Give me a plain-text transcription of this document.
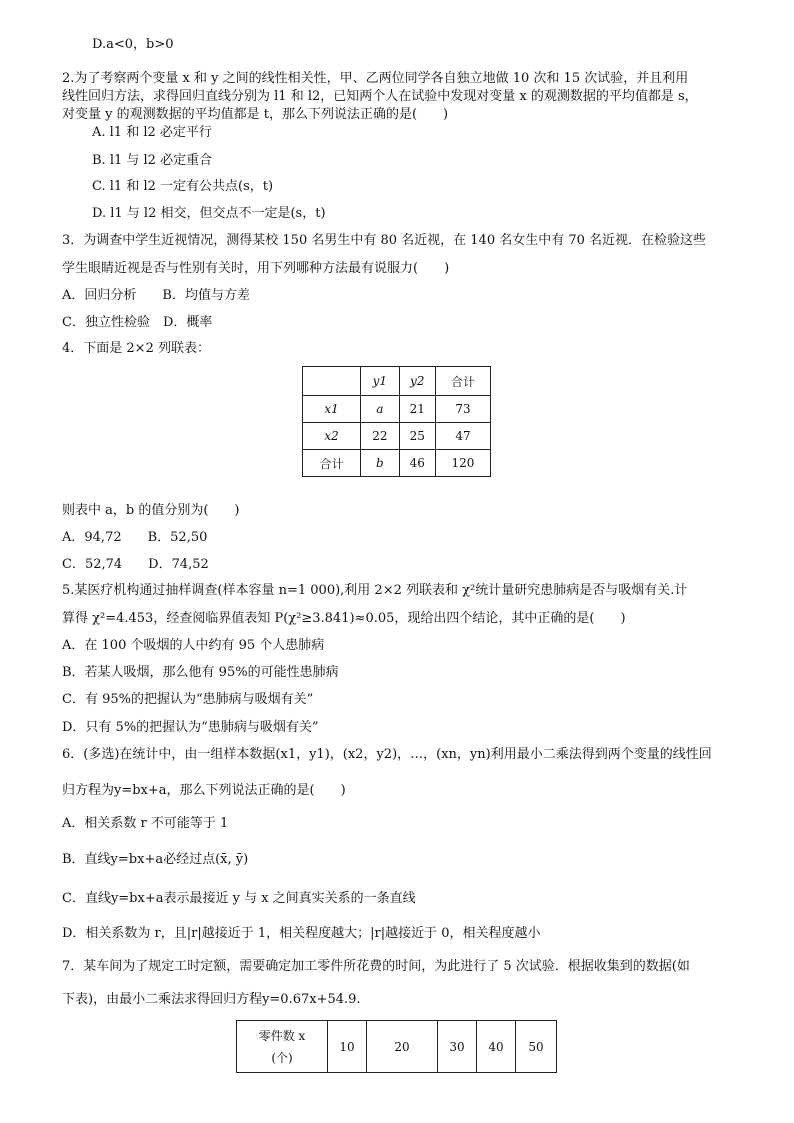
D.a<0，b>0
2.为了考察两个变量 x 和 y 之间的线性相关性，甲、乙两位同学各自独立地做 10 次和 15 次试验，并且利用
线性回归方法，求得回归直线分别为 l1 和 l2，已知两个人在试验中发现对变量 x 的观测数据的平均值都是 s，
对变量 y 的观测数据的平均值都是 t，那么下列说法正确的是(　　)
A. l1 和 l2 必定平行
B. l1 与 l2 必定重合
C. l1 和 l2 一定有公共点(s，t)
D. l1 与 l2 相交，但交点不一定是(s，t)
3．为调查中学生近视情况，测得某校 150 名男生中有 80 名近视，在 140 名女生中有 70 名近视．在检验这些
学生眼睛近视是否与性别有关时，用下列哪种方法最有说服力(　　)
A．回归分析　　B．均值与方差
C．独立性检验　D．概率
4．下面是 2×2 列联表：
	y1	y2	合计
x1	a	21	73
x2	22	25	47
合计	b	46	120
则表中 a，b 的值分别为(　　)
A．94,72　　B．52,50
C．52,74　　D．74,52
5.某医疗机构通过抽样调查(样本容量 n=1 000),利用 2×2 列联表和 χ²统计量研究患肺病是否与吸烟有关.计
算得 χ²=4.453，经查阅临界值表知 P(χ²≥3.841)≈0.05，现给出四个结论，其中正确的是(　　)
A．在 100 个吸烟的人中约有 95 个人患肺病
B．若某人吸烟，那么他有 95%的可能性患肺病
C．有 95%的把握认为“患肺病与吸烟有关”
D．只有 5%的把握认为“患肺病与吸烟有关”
6．(多选)在统计中，由一组样本数据(x1，y1)，(x2，y2)，…，(xn，yn)利用最小二乘法得到两个变量的线性回
归方程为y=bx+a，那么下列说法正确的是(　　)
A．相关系数 r 不可能等于 1
B．直线y=bx+a必经过点(x̄, ȳ)
C．直线y=bx+a表示最接近 y 与 x 之间真实关系的一条直线
D．相关系数为 r，且|r|越接近于 1，相关程度越大；|r|越接近于 0，相关程度越小
7．某车间为了规定工时定额，需要确定加工零件所花费的时间，为此进行了 5 次试验．根据收集到的数据(如
下表)，由最小二乘法求得回归方程y=0.67x+54.9.
零件数 x
(个)	10	20	30	40	50
